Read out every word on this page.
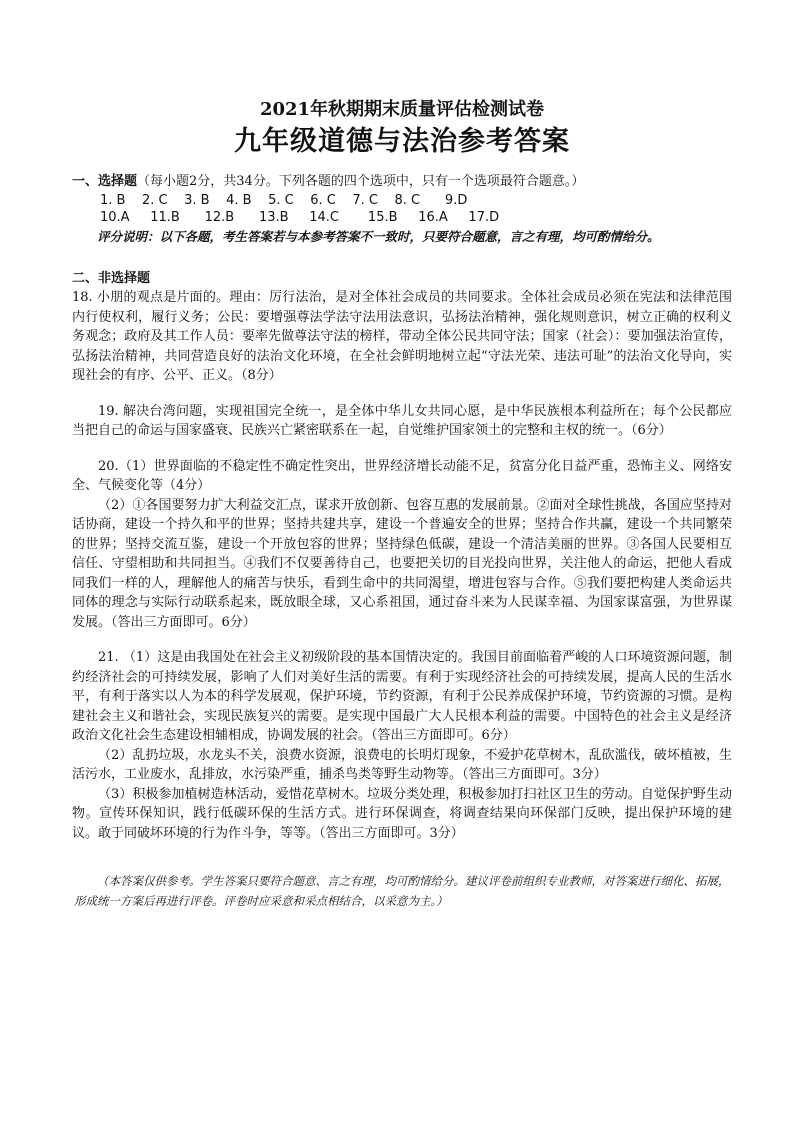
2021年秋期期末质量评估检测试卷
九年级道德与法治参考答案

一、选择题（每小题2分，共34分。下列各题的四个选项中，只有一个选项最符合题意。）

1. B    2. C    3. B    4. B    5. C    6. C    7. C    8. C      9.D
10.A     11.B      12.B      13.B     14.C       15.B     16.A     17.D

评分说明：以下各题，考生答案若与本参考答案不一致时，只要符合题意，言之有理，均可酌情给分。

二、非选择题

18. 小朋的观点是片面的。理由：厉行法治，是对全体社会成员的共同要求。全体社会成员必须在宪法和法律范围内行使权利，履行义务；公民：要增强尊法学法守法用法意识，弘扬法治精神，强化规则意识，树立正确的权利义务观念；政府及其工作人员：要率先做尊法守法的榜样，带动全体公民共同守法；国家（社会）：要加强法治宣传，弘扬法治精神，共同营造良好的法治文化环境，在全社会鲜明地树立起“守法光荣、违法可耻”的法治文化导向，实现社会的有序、公平、正义。（8分）

19. 解决台湾问题，实现祖国完全统一，是全体中华儿女共同心愿，是中华民族根本利益所在；每个公民都应当把自己的命运与国家盛衰、民族兴亡紧密联系在一起，自觉维护国家领土的完整和主权的统一。（6分）

20.（1）世界面临的不稳定性不确定性突出，世界经济增长动能不足，贫富分化日益严重，恐怖主义、网络安全、气候变化等（4分）

（2）①各国要努力扩大利益交汇点，谋求开放创新、包容互惠的发展前景。②面对全球性挑战，各国应坚持对话协商，建设一个持久和平的世界；坚持共建共享，建设一个普遍安全的世界；坚持合作共赢，建设一个共同繁荣的世界；坚持交流互鉴，建设一个开放包容的世界；坚持绿色低碳，建设一个清洁美丽的世界。③各国人民要相互信任、守望相助和共同担当。④我们不仅要善待自己，也要把关切的目光投向世界，关注他人的命运，把他人看成同我们一样的人，理解他人的痛苦与快乐，看到生命中的共同渴望，增进包容与合作。⑤我们要把构建人类命运共同体的理念与实际行动联系起来，既放眼全球，又心系祖国，通过奋斗来为人民谋幸福、为国家谋富强，为世界谋发展。（答出三方面即可。6分）

21. （1）这是由我国处在社会主义初级阶段的基本国情决定的。我国目前面临着严峻的人口环境资源问题，制约经济社会的可持续发展，影响了人们对美好生活的需要。有利于实现经济社会的可持续发展，提高人民的生活水平，有利于落实以人为本的科学发展观，保护环境，节约资源，有利于公民养成保护环境，节约资源的习惯。是构建社会主义和谐社会，实现民族复兴的需要。是实现中国最广大人民根本利益的需要。中国特色的社会主义是经济政治文化社会生态建设相辅相成，协调发展的社会。（答出三方面即可。6分）

（2）乱扔垃圾，水龙头不关，浪费水资源，浪费电的长明灯现象，不爱护花草树木，乱砍滥伐，破坏植被，生活污水，工业废水，乱排放，水污染严重，捕杀鸟类等野生动物等。（答出三方面即可。3分）

（3）积极参加植树造林活动，爱惜花草树木。垃圾分类处理，积极参加打扫社区卫生的劳动。自觉保护野生动物。宣传环保知识，践行低碳环保的生活方式。进行环保调查，将调查结果向环保部门反映，提出保护环境的建议。敢于同破坏环境的行为作斗争，等等。（答出三方面即可。3分）

（本答案仅供参考。学生答案只要符合题意、言之有理，均可酌情给分。建议评卷前组织专业教师，对答案进行细化、拓展，形成统一方案后再进行评卷。评卷时应采意和采点相结合，以采意为主。）
